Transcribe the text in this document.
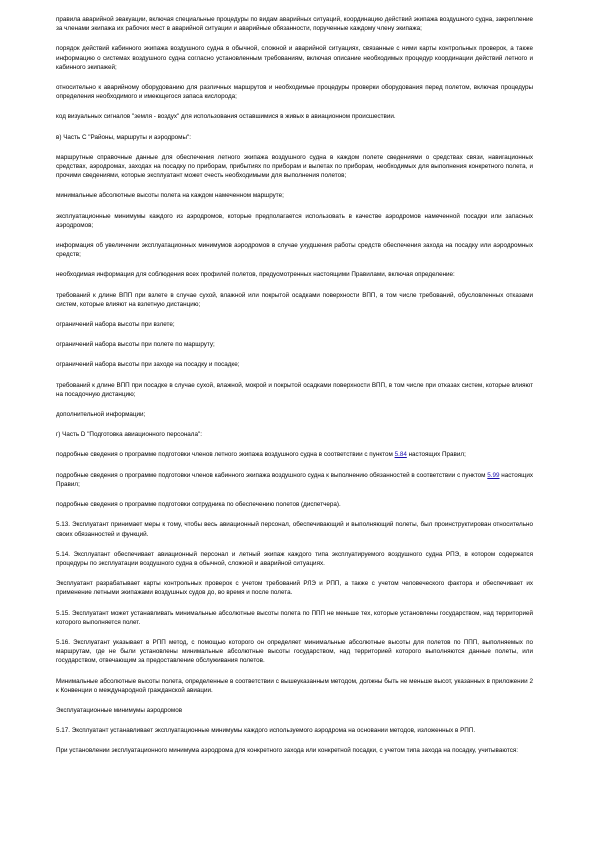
правила аварийной эвакуации, включая специальные процедуры по видам аварийных ситуаций, координацию действий экипажа воздушного судна, закрепление за членами экипажа их рабочих мест в аварийной ситуации и аварийные обязанности, порученные каждому члену экипажа;

порядок действий кабинного экипажа воздушного судна в обычной, сложной и аварийной ситуациях, связанные с ними карты контрольных проверок, а также информацию о системах воздушного судна согласно установленным требованиям, включая описание необходимых процедур координации действий летного и кабинного экипажей;

относительно к аварийному оборудованию для различных маршрутов и необходимые процедуры проверки оборудования перед полетом, включая процедуры определения необходимого и имеющегося запаса кислорода;

код визуальных сигналов "земля - воздух" для использования оставшимися в живых в авиационном происшествии.

в) Часть С "Районы, маршруты и аэродромы":

маршрутные справочные данные для обеспечения летного экипажа воздушного судна в каждом полете сведениями о средствах связи, навигационных средствах, аэродромах, заходах на посадку по приборам, прибытиях по приборам и вылетах по приборам, необходимых для выполнения конкретного полета, и прочими сведениями, которые эксплуатант может счесть необходимыми для выполнения полетов;

минимальные абсолютные высоты полета на каждом намеченном маршруте;

эксплуатационные минимумы каждого из аэродромов, которые предполагается использовать в качестве аэродромов намеченной посадки или запасных аэродромов;

информация об увеличении эксплуатационных минимумов аэродромов в случае ухудшения работы средств обеспечения захода на посадку или аэродромных средств;

необходимая информация для соблюдения всех профилей полетов, предусмотренных настоящими Правилами, включая определение:

требований к длине ВПП при взлете в случае сухой, влажной или покрытой осадками поверхности ВПП, в том числе требований, обусловленных отказами систем, которые влияют на взлетную дистанцию;

ограничений набора высоты при взлете;

ограничений набора высоты при полете по маршруту;

ограничений набора высоты при заходе на посадку и посадке;

требований к длине ВПП при посадке в случае сухой, влажной, мокрой и покрытой осадками поверхности ВПП, в том числе при отказах систем, которые влияют на посадочную дистанцию;

дополнительной информации;

г) Часть D "Подготовка авиационного персонала":

подробные сведения о программе подготовки членов летного экипажа воздушного судна в соответствии с пунктом 5.84 настоящих Правил;

подробные сведения о программе подготовки членов кабинного экипажа воздушного судна к выполнению обязанностей в соответствии с пунктом 5.99 настоящих Правил;

подробные сведения о программе подготовки сотрудника по обеспечению полетов (диспетчера).

5.13. Эксплуатант принимает меры к тому, чтобы весь авиационный персонал, обеспечивающий и выполняющий полеты, был проинструктирован относительно своих обязанностей и функций.

5.14. Эксплуатант обеспечивает авиационный персонал и летный экипаж каждого типа эксплуатируемого воздушного судна РПЭ, в котором содержатся процедуры по эксплуатации воздушного судна в обычной, сложной и аварийной ситуациях.

Эксплуатант разрабатывает карты контрольных проверок с учетом требований РЛЭ и РПП, а также с учетом человеческого фактора и обеспечивает их применение летными экипажами воздушных судов до, во время и после полета.

5.15. Эксплуатант может устанавливать минимальные абсолютные высоты полета по ППП не меньше тех, которые установлены государством, над территорией которого выполняется полет.

5.16. Эксплуатант указывает в РПП метод, с помощью которого он определяет минимальные абсолютные высоты для полетов по ППП, выполняемых по маршрутам, где не были установлены минимальные абсолютные высоты государством, над территорией которого выполняются данные полеты, или государством, отвечающим за предоставление обслуживания полетов.

Минимальные абсолютные высоты полета, определенные в соответствии с вышеуказанным методом, должны быть не меньше высот, указанных в приложении 2 к Конвенции о международной гражданской авиации.

Эксплуатационные минимумы аэродромов

5.17. Эксплуатант устанавливает эксплуатационные минимумы каждого используемого аэродрома на основании методов, изложенных в РПП.

При установлении эксплуатационного минимума аэродрома для конкретного захода или конкретной посадки, с учетом типа захода на посадку, учитываются:
